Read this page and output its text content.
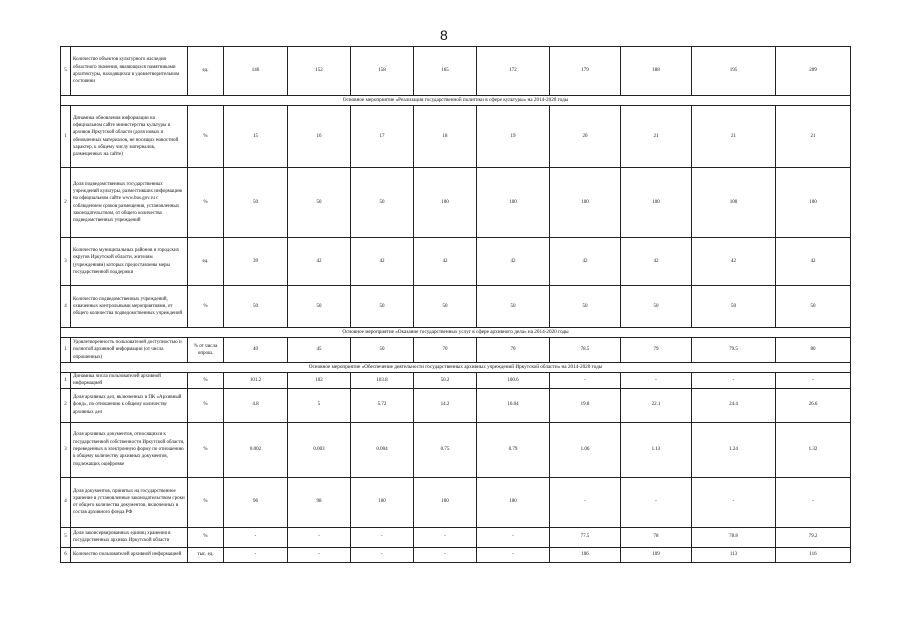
8
5	Количество объектов культурного наследия областного значения, являющихся памятниками архитектуры, находящихся в удовлетворительном состоянии	ед.	146	152	158	165	172	179	188	195	209
Основное мероприятие «Реализация государственной политики в сфере культуры» на 2014-2020 годы											
1	Динамика обновления информации на официальном сайте министерства культуры и архивов Иркутской области (доля новых и обновленных материалов, не носящих новостной характер, к общему числу материалов, размещенных на сайте)	%	15	16	17	18	19	20	21	21	21
2	Доля подведомственных государственных учреждений культуры, разместивших информацию на официальном сайте www.bus.gov.ru с соблюдением сроков размещения, установленных законодательством, от общего количества подведомственных учреждений	%	50	50	50	100	100	100	100	100	100
3	Количество муниципальных районов и городских округов Иркутской области, жителям (учреждениям) которых предоставлены меры государственной поддержки	ед.	39	42	42	42	42	42	42	42	42
4	Количество подведомственных учреждений, охваченных контрольными мероприятиями, от общего количества подведомственных учреждений	%	50	50	50	50	50	50	50	50	50
Основное мероприятие «Оказание государственных услуг в сфере архивного дела» на 2014-2020 годы											
1	Удовлетворенность пользователей доступностью и полнотой архивной информации (от числа опрошенных)	% от числа опрош.	40	45	50	70	70	78.5	79	79.5	80
Основное мероприятие «Обеспечение деятельности государственных архивных учреждений Иркутской области» на 2014-2020 годы											
1	Динамика числа пользователей архивной информацией	%	101.2	102	103.8	50.2	100.6	-	-	-	-
2	Доля архивных дел, включенных в ПК «Архивный фонд», по отношению к общему количеству архивных дел	%	4.8	5	5.72	14.2	16.04	19.8	22.1	24.4	26.6
3	Доля архивных документов, относящихся к государственной собственности Иркутской области, переведенных в электронную форму по отношению к общему количеству архивных документов, подлежащих оцифровке	%	0.002	0.003	0.004	0.75	0.79	1.06	1.13	1.24	1.32
4	Доля документов, принятых на государственное хранение в установленные законодательством сроки от общего количества документов, включенных в состав архивного фонда РФ	%	96	98	100	100	100	-	-	-	-
5	Доля законсервированных единиц хранения в государственных архивах Иркутской области	%	-	-	-	-	-	77.5	78	78.8	79.2
6	Количество пользователей архивной информацией	тыс. ед.	-	-	-	-	-	106	109	113	116
